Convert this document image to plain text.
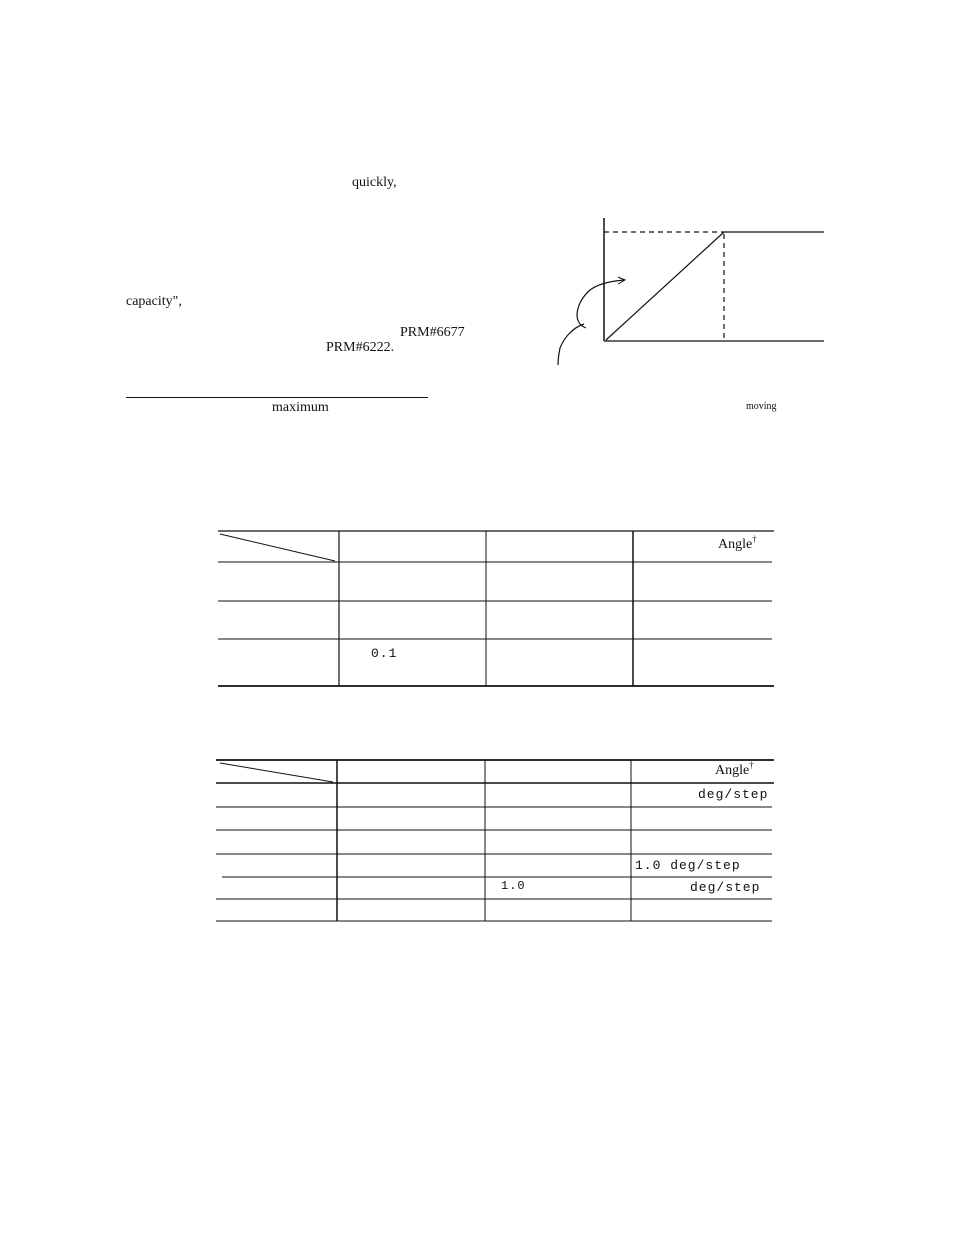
quickly,
capacity",
PRM#6677
PRM#6222.
maximum	moving
Angle†
0.1
Angle†
deg/step
1.0 deg/step
1.0	deg/step
